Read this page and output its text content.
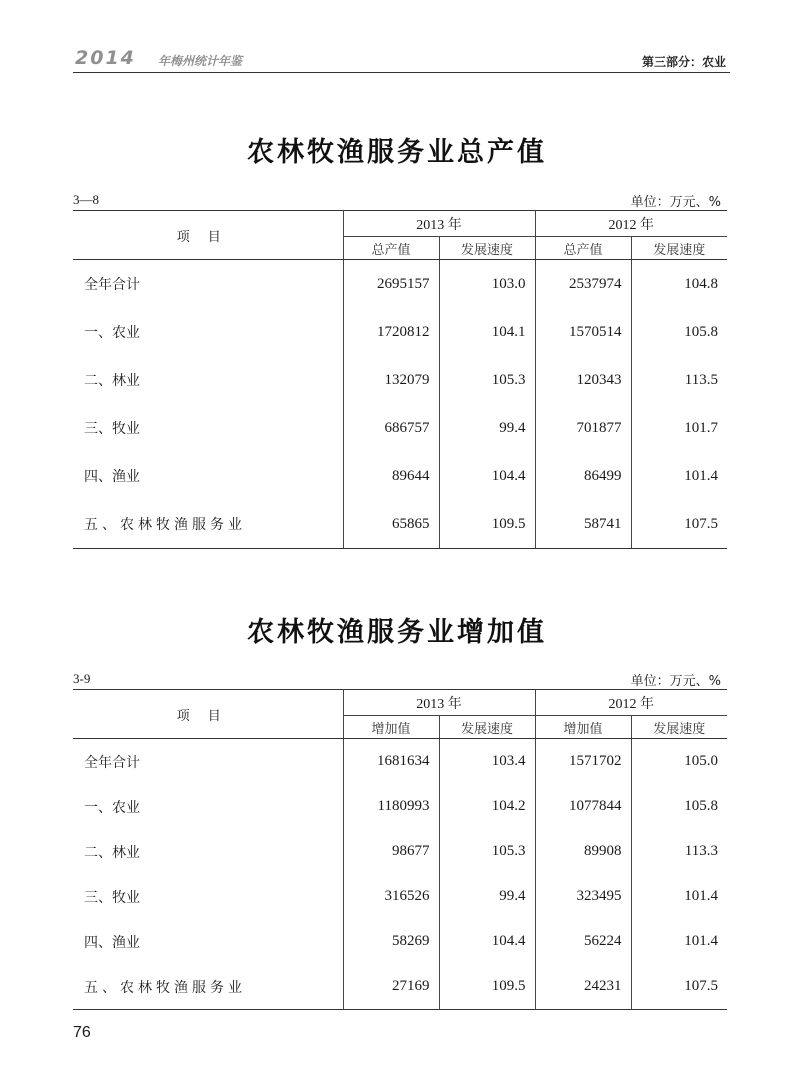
2014 年梅州统计年鉴	第三部分：农业
农林牧渔服务业总产值
3—8	单位：万元、%
项目	2013 年		2012 年	
	总产值	发展速度	总产值	发展速度
全年合计	2695157	103.0	2537974	104.8
一、农业	1720812	104.1	1570514	105.8
二、林业	132079	105.3	120343	113.5
三、牧业	686757	99.4	701877	101.7
四、渔业	89644	104.4	86499	101.4
五、农林牧渔服务业	65865	109.5	58741	107.5
农林牧渔服务业增加值
3-9	单位：万元、%
项目	2013 年		2012 年	
	增加值	发展速度	增加值	发展速度
全年合计	1681634	103.4	1571702	105.0
一、农业	1180993	104.2	1077844	105.8
二、林业	98677	105.3	89908	113.3
三、牧业	316526	99.4	323495	101.4
四、渔业	58269	104.4	56224	101.4
五、农林牧渔服务业	27169	109.5	24231	107.5
76
